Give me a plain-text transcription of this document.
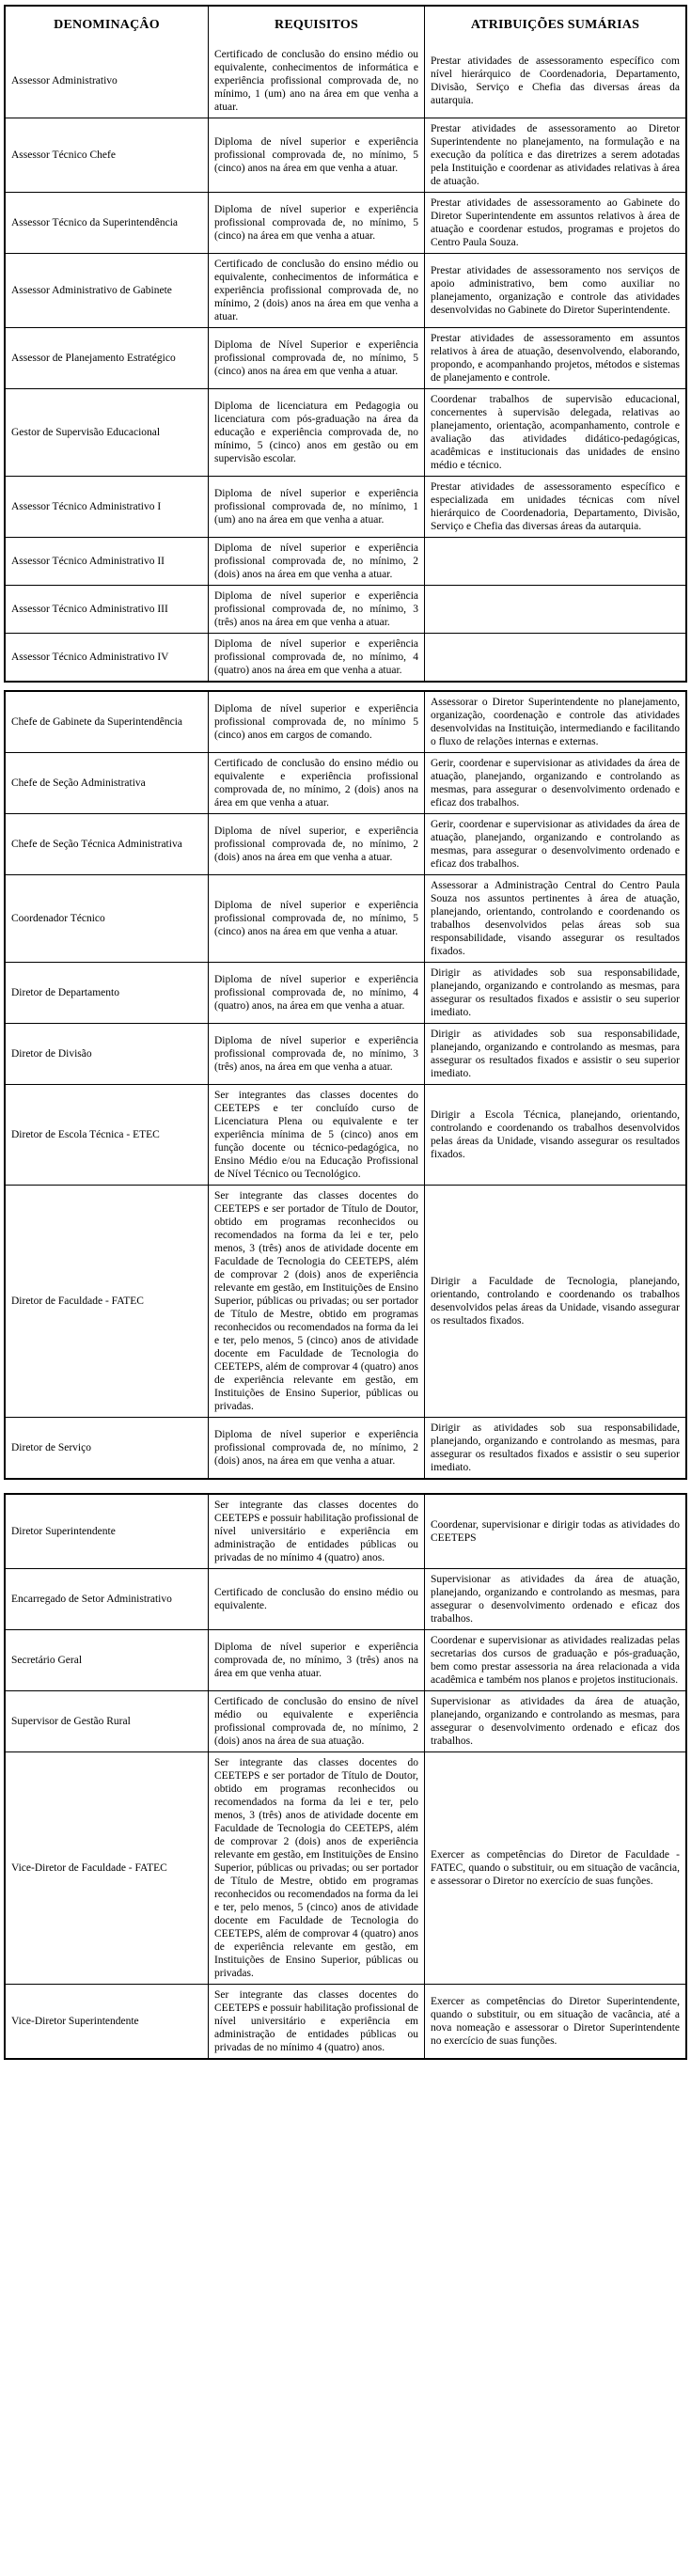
DENOMINAÇÂO	REQUISITOS	ATRIBUIÇÕES SUMÁRIAS
Assessor Administrativo
Certificado de conclusão do ensino médio ou equivalente, conhecimentos de informática e experiência profissional comprovada de, no mínimo, 1 (um) ano na área em que venha a atuar.
Prestar atividades de assessoramento específico com nível hierárquico de Coordenadoria, Departamento, Divisão, Serviço e Chefia das diversas áreas da autarquia.
Assessor Técnico Chefe
Diploma de nível superior e experiência profissional comprovada de, no mínimo, 5 (cinco) anos na área em que venha a atuar.
Prestar atividades de assessoramento ao Diretor Superintendente no planejamento, na formulação e na execução da política e das diretrizes a serem adotadas pela Instituição e coordenar as atividades relativas à área de atuação.
Assessor Técnico da Superintendência
Diploma de nível superior e experiência profissional comprovada de, no mínimo, 5 (cinco) na área em que venha a atuar.
Prestar atividades de assessoramento ao Gabinete do Diretor Superintendente em assuntos relativos à área de atuação e coordenar estudos, programas e projetos do Centro Paula Souza.
Assessor Administrativo de Gabinete
Certificado de conclusão do ensino médio ou equivalente, conhecimentos de informática e experiência profissional comprovada de, no mínimo, 2 (dois) anos na área em que venha a atuar.
Prestar atividades de assessoramento nos serviços de apoio administrativo, bem como auxiliar no planejamento, organização e controle das atividades desenvolvidas no Gabinete do Diretor Superintendente.
Assessor de Planejamento Estratégico
Diploma de Nível Superior e experiência profissional comprovada de, no mínimo, 5 (cinco) anos na área em que venha a atuar.
Prestar atividades de assessoramento em assuntos relativos à área de atuação, desenvolvendo, elaborando, propondo, e acompanhando projetos, métodos e sistemas de planejamento e controle.
Gestor de Supervisão Educacional
Diploma de licenciatura em Pedagogia ou licenciatura com pós-graduação na área da educação e experiência comprovada de, no mínimo, 5 (cinco) anos em gestão ou em supervisão escolar.
Coordenar trabalhos de supervisão educacional, concernentes à supervisão delegada, relativas ao planejamento, orientação, acompanhamento, controle e avaliação das atividades didático-pedagógicas, acadêmicas e institucionais das unidades de ensino médio e técnico.
Assessor Técnico Administrativo I
Diploma de nível superior e experiência profissional comprovada de, no mínimo, 1 (um) ano na área em que venha a atuar.
Prestar atividades de assessoramento específico e especializada em unidades técnicas com nível hierárquico de Coordenadoria, Departamento, Divisão, Serviço e Chefia das diversas áreas da autarquia.
Assessor Técnico Administrativo II
Diploma de nível superior e experiência profissional comprovada de, no mínimo, 2 (dois) anos na área em que venha a atuar.
Assessor Técnico Administrativo III
Diploma de nível superior e experiência profissional comprovada de, no mínimo, 3 (três) anos na área em que venha a atuar.
Assessor Técnico Administrativo IV
Diploma de nível superior e experiência profissional comprovada de, no mínimo, 4 (quatro) anos na área em que venha a atuar.
Chefe de Gabinete da Superintendência
Diploma de nível superior e experiência profissional comprovada de, no mínimo 5 (cinco) anos em cargos de comando.
Assessorar o Diretor Superintendente no planejamento, organização, coordenação e controle das atividades desenvolvidas na Instituição, intermediando e facilitando o fluxo de relações internas e externas.
Chefe de Seção Administrativa
Certificado de conclusão do ensino médio ou equivalente e experiência profissional comprovada de, no mínimo, 2 (dois) anos na área em que venha a atuar.
Gerir, coordenar e supervisionar as atividades da área de atuação, planejando, organizando e controlando as mesmas, para assegurar o desenvolvimento ordenado e eficaz dos trabalhos.
Chefe de Seção Técnica Administrativa
Diploma de nível superior, e experiência profissional comprovada de, no mínimo, 2 (dois) anos na área em que venha a atuar.
Gerir, coordenar e supervisionar as atividades da área de atuação, planejando, organizando e controlando as mesmas, para assegurar o desenvolvimento ordenado e eficaz dos trabalhos.
Coordenador Técnico
Diploma de nível superior e experiência profissional comprovada de, no mínimo, 5 (cinco) anos na área em que venha a atuar.
Assessorar a Administração Central do Centro Paula Souza nos assuntos pertinentes à área de atuação, planejando, orientando, controlando e coordenando os trabalhos desenvolvidos pelas áreas sob sua responsabilidade, visando assegurar os resultados fixados.
Diretor de Departamento
Diploma de nível superior e experiência profissional comprovada de, no mínimo, 4 (quatro) anos, na área em que venha a atuar.
Dirigir as atividades sob sua responsabilidade, planejando, organizando e controlando as mesmas, para assegurar os resultados fixados e assistir o seu superior imediato.
Diretor de Divisão
Diploma de nível superior e experiência profissional comprovada de, no mínimo, 3 (três) anos, na área em que venha a atuar.
Dirigir as atividades sob sua responsabilidade, planejando, organizando e controlando as mesmas, para assegurar os resultados fixados e assistir o seu superior imediato.
Diretor de Escola Técnica - ETEC
Ser integrantes das classes docentes do CEETEPS e ter concluído curso de Licenciatura Plena ou equivalente e ter experiência mínima de 5 (cinco) anos em função docente ou técnico-pedagógica, no Ensino Médio e/ou na Educação Profissional de Nível Técnico ou Tecnológico.
Dirigir a Escola Técnica, planejando, orientando, controlando e coordenando os trabalhos desenvolvidos pelas áreas da Unidade, visando assegurar os resultados fixados.
Diretor de Faculdade - FATEC
Ser integrante das classes docentes do CEETEPS e ser portador de Título de Doutor, obtido em programas reconhecidos ou recomendados na forma da lei e ter, pelo menos, 3 (três) anos de atividade docente em Faculdade de Tecnologia do CEETEPS, além de comprovar 2 (dois) anos de experiência relevante em gestão, em Instituições de Ensino Superior, públicas ou privadas; ou ser portador de Título de Mestre, obtido em programas reconhecidos ou recomendados na forma da lei e ter, pelo menos, 5 (cinco) anos de atividade docente em Faculdade de Tecnologia do CEETEPS, além de comprovar 4 (quatro) anos de experiência relevante em gestão, em Instituições de Ensino Superior, públicas ou privadas.
Dirigir a Faculdade de Tecnologia, planejando, orientando, controlando e coordenando os trabalhos desenvolvidos pelas áreas da Unidade, visando assegurar os resultados fixados.
Diretor de Serviço
Diploma de nível superior e experiência profissional comprovada de, no mínimo, 2 (dois) anos, na área em que venha a atuar.
Dirigir as atividades sob sua responsabilidade, planejando, organizando e controlando as mesmas, para assegurar os resultados fixados e assistir o seu superior imediato.
Diretor Superintendente
Ser integrante das classes docentes do CEETEPS e possuir habilitação profissional de nível universitário e experiência em administração de entidades públicas ou privadas de no mínimo 4 (quatro) anos.
Coordenar, supervisionar e dirigir todas as atividades do CEETEPS
Encarregado de Setor Administrativo
Certificado de conclusão do ensino médio ou equivalente.
Supervisionar as atividades da área de atuação, planejando, organizando e controlando as mesmas, para assegurar o desenvolvimento ordenado e eficaz dos trabalhos.
Secretário Geral
Diploma de nível superior e experiência comprovada de, no mínimo, 3 (três) anos na área em que venha atuar.
Coordenar e supervisionar as atividades realizadas pelas secretarias dos cursos de graduação e pós-graduação, bem como prestar assessoria na área relacionada a vida acadêmica e também nos planos e projetos institucionais.
Supervisor de Gestão Rural
Certificado de conclusão do ensino de nível médio ou equivalente e experiência profissional comprovada de, no mínimo, 2 (dois) anos na área de sua atuação.
Supervisionar as atividades da área de atuação, planejando, organizando e controlando as mesmas, para assegurar o desenvolvimento ordenado e eficaz dos trabalhos.
Vice-Diretor de Faculdade - FATEC
Ser integrante das classes docentes do CEETEPS e ser portador de Título de Doutor, obtido em programas reconhecidos ou recomendados na forma da lei e ter, pelo menos, 3 (três) anos de atividade docente em Faculdade de Tecnologia do CEETEPS, além de comprovar 2 (dois) anos de experiência relevante em gestão, em Instituições de Ensino Superior, públicas ou privadas; ou ser portador de Título de Mestre, obtido em programas reconhecidos ou recomendados na forma da lei e ter, pelo menos, 5 (cinco) anos de atividade docente em Faculdade de Tecnologia do CEETEPS, além de comprovar 4 (quatro) anos de experiência relevante em gestão, em Instituições de Ensino Superior, públicas ou privadas.
Exercer as competências do Diretor de Faculdade - FATEC, quando o substituir, ou em situação de vacância, e assessorar o Diretor no exercício de suas funções.
Vice-Diretor Superintendente
Ser integrante das classes docentes do CEETEPS e possuir habilitação profissional de nível universitário e experiência em administração de entidades públicas ou privadas de no mínimo 4 (quatro) anos.
Exercer as competências do Diretor Superintendente, quando o substituir, ou em situação de vacância, até a nova nomeação e assessorar o Diretor Superintendente no exercício de suas funções.
